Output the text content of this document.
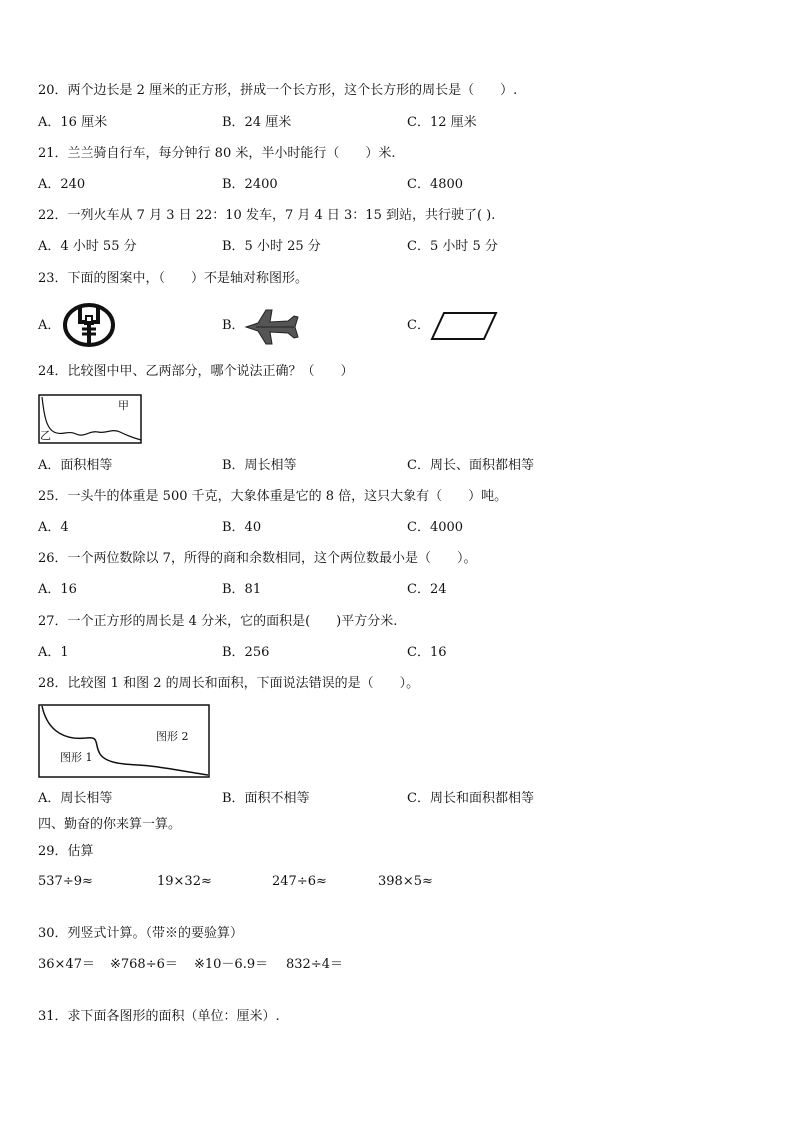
20．两个边长是 2 厘米的正方形，拼成一个长方形，这个长方形的周长是（　　）.
A．16 厘米	B．24 厘米	C．12 厘米
21．兰兰骑自行车，每分钟行 80 米，半小时能行（　　）米.
A．240	B．2400	C．4800
22．一列火车从 7 月 3 日 22：10 发车，7 月 4 日 3：15 到站，共行驶了( ).
A．4 小时 55 分	B．5 小时 25 分	C．5 小时 5 分
23．下面的图案中，（　　）不是轴对称图形。
A．	B．	C．
24．比较图中甲、乙两部分，哪个说法正确？（　　）
甲
乙
A．面积相等	B．周长相等	C．周长、面积都相等
25．一头牛的体重是 500 千克，大象体重是它的 8 倍，这只大象有（　　）吨。
A．4	B．40	C．4000
26．一个两位数除以 7，所得的商和余数相同，这个两位数最小是（　　）。
A．16	B．81	C．24
27．一个正方形的周长是 4 分米，它的面积是(　　)平方分米.
A．1	B．256	C．16
28．比较图 1 和图 2 的周长和面积，下面说法错误的是（　　）。
图形 2
图形 1
A．周长相等	B．面积不相等	C．周长和面积都相等
四、勤奋的你来算一算。
29．估算
537÷9≈	19×32≈	247÷6≈	398×5≈
30．列竖式计算。（带※的要验算）
36×47＝ ※768÷6＝ ※10－6.9＝ 832÷4＝
31．求下面各图形的面积（单位：厘米）.
